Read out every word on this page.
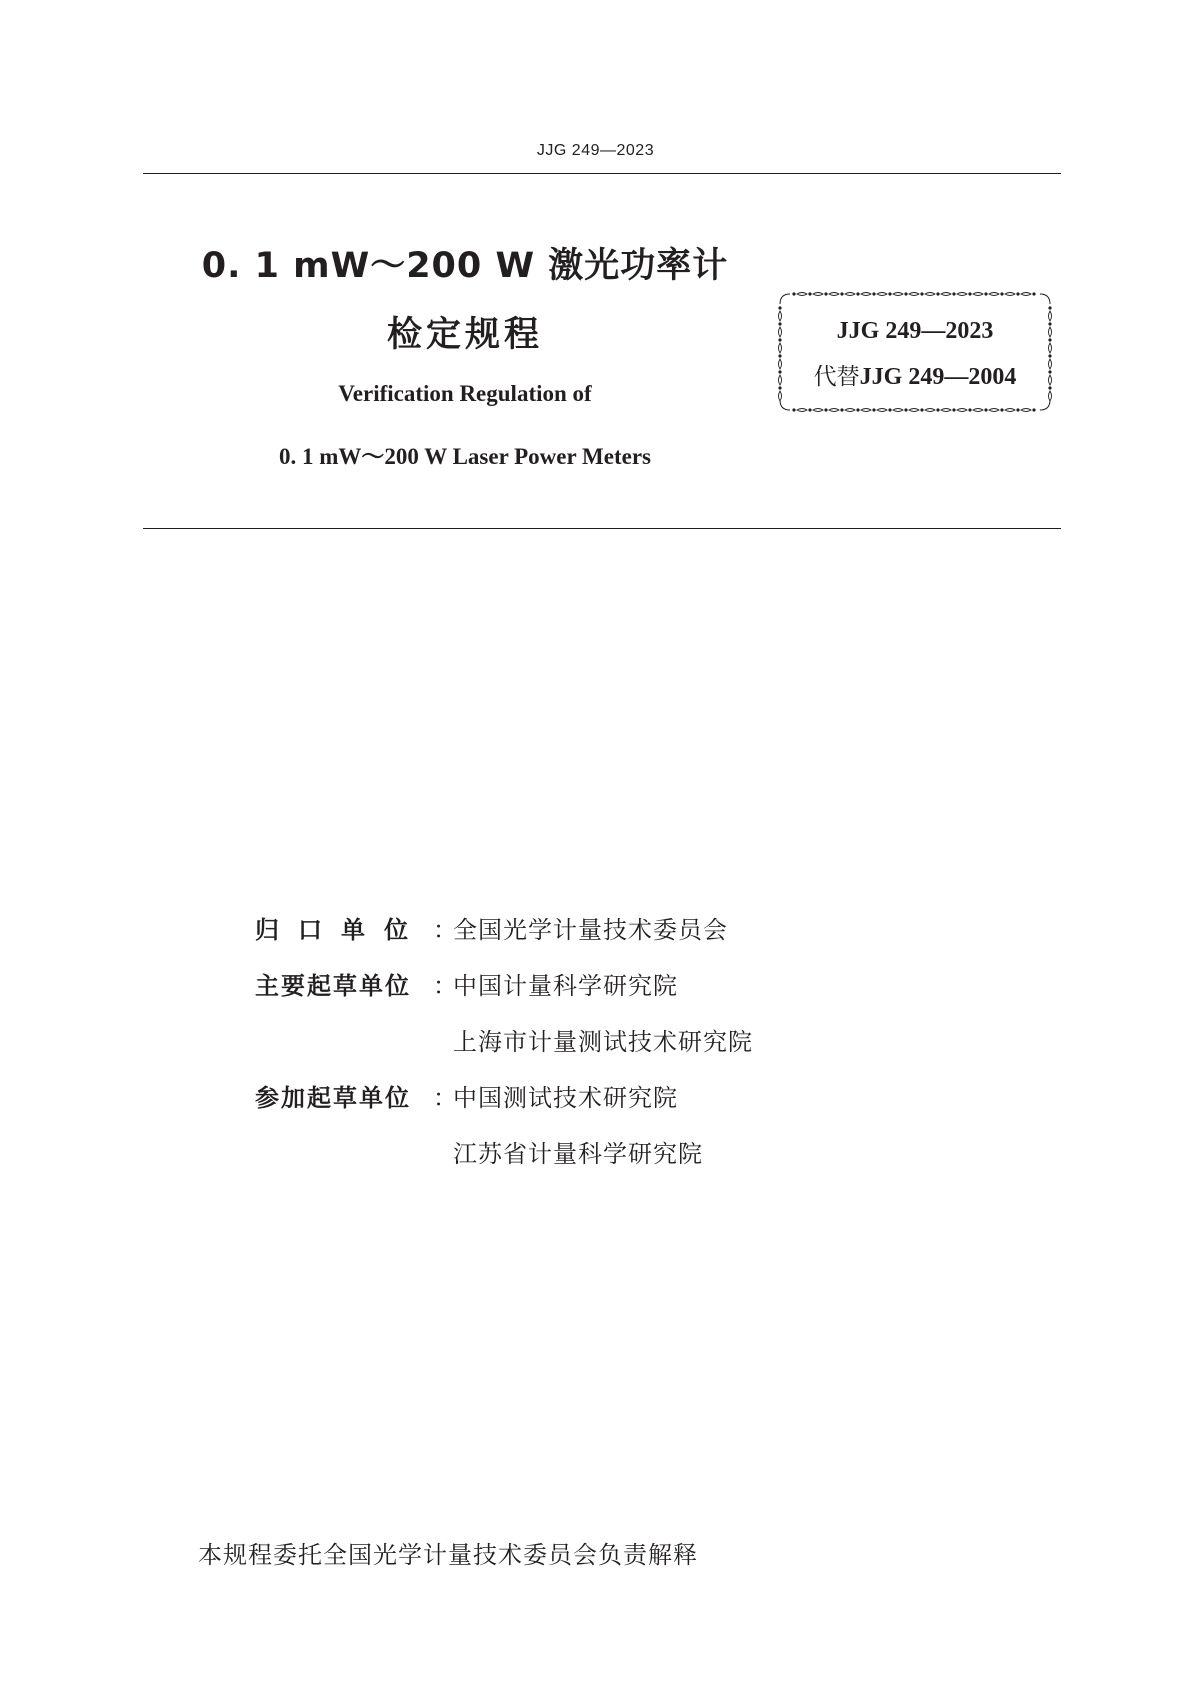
JJG 249—2023
0. 1 mW～200 W 激光功率计
检定规程
Verification Regulation of
0. 1 mW～200 W Laser Power Meters
JJG 249—2023
代替JJG 249—2004
归口单位 ：
全国光学计量技术委员会
主要起草单位 ：
中国计量科学研究院
上海市计量测试技术研究院
参加起草单位 ：
中国测试技术研究院
江苏省计量科学研究院
本规程委托全国光学计量技术委员会负责解释
